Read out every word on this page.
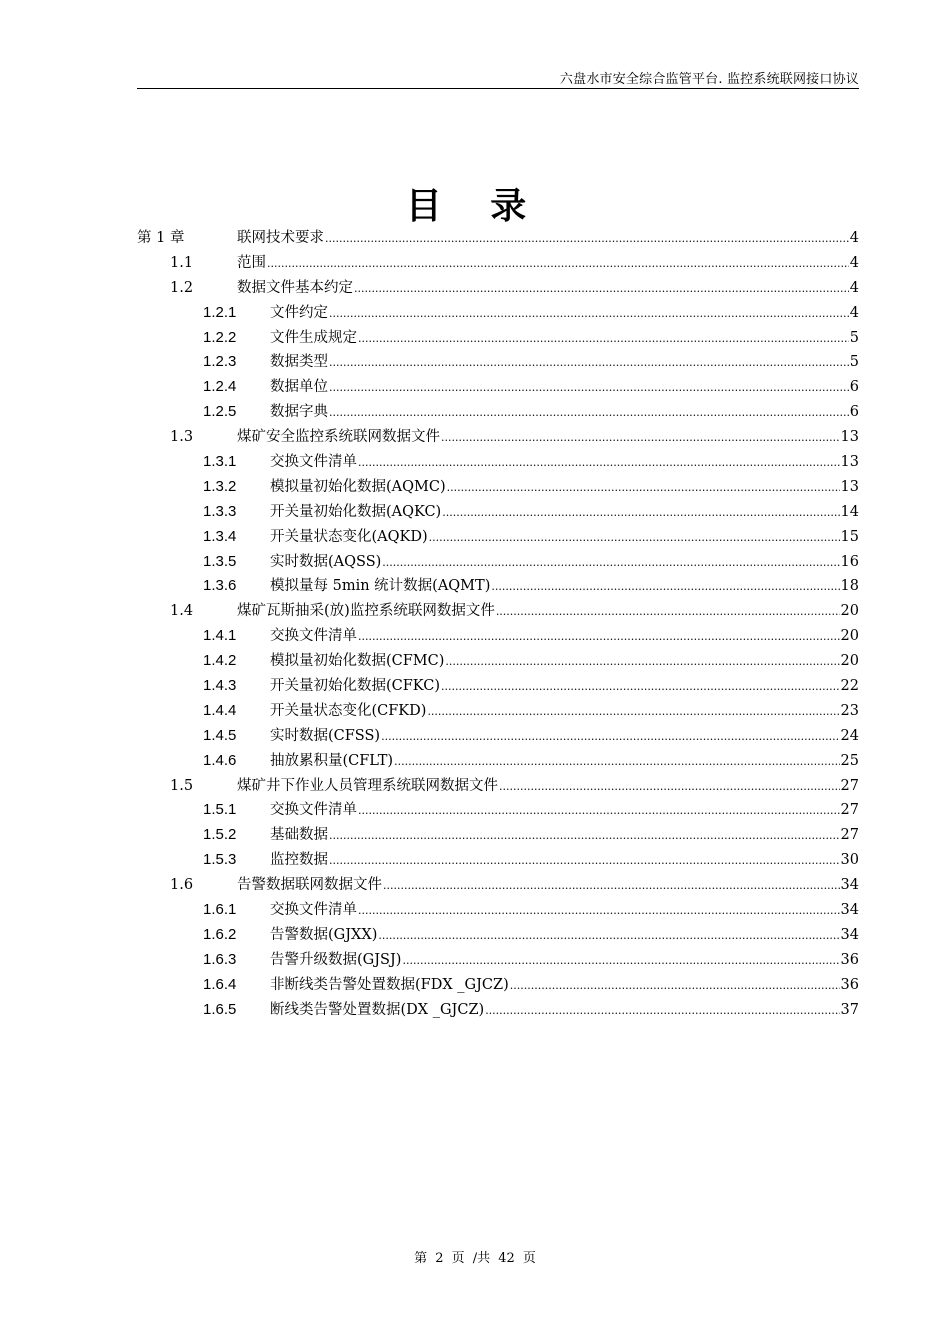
六盘水市安全综合监管平台. 监控系统联网接口协议
目 录
第 1 章	联网技术要求 .....	4
1.1	范围 .....	4
1.2	数据文件基本约定 .....	4
1.2.1	文件约定 .....	4
1.2.2	文件生成规定 .....	5
1.2.3	数据类型 .....	5
1.2.4	数据单位 .....	6
1.2.5	数据字典 .....	6
1.3	煤矿安全监控系统联网数据文件 .....	13
1.3.1	交换文件清单 .....	13
1.3.2	模拟量初始化数据(AQMC) .....	13
1.3.3	开关量初始化数据(AQKC) .....	14
1.3.4	开关量状态变化(AQKD) .....	15
1.3.5	实时数据(AQSS) .....	16
1.3.6	模拟量每 5min 统计数据(AQMT) .....	18
1.4	煤矿瓦斯抽采(放)监控系统联网数据文件 .....	20
1.4.1	交换文件清单 .....	20
1.4.2	模拟量初始化数据(CFMC) .....	20
1.4.3	开关量初始化数据(CFKC) .....	22
1.4.4	开关量状态变化(CFKD) .....	23
1.4.5	实时数据(CFSS) .....	24
1.4.6	抽放累积量(CFLT) .....	25
1.5	煤矿井下作业人员管理系统联网数据文件 .....	27
1.5.1	交换文件清单 .....	27
1.5.2	基础数据 .....	27
1.5.3	监控数据 .....	30
1.6	告警数据联网数据文件 .....	34
1.6.1	交换文件清单 .....	34
1.6.2	告警数据(GJXX) .....	34
1.6.3	告警升级数据(GJSJ) .....	36
1.6.4	非断线类告警处置数据(FDX _GJCZ) .....	36
1.6.5	断线类告警处置数据(DX _GJCZ) .....	37
第 2 页 /共 42 页
